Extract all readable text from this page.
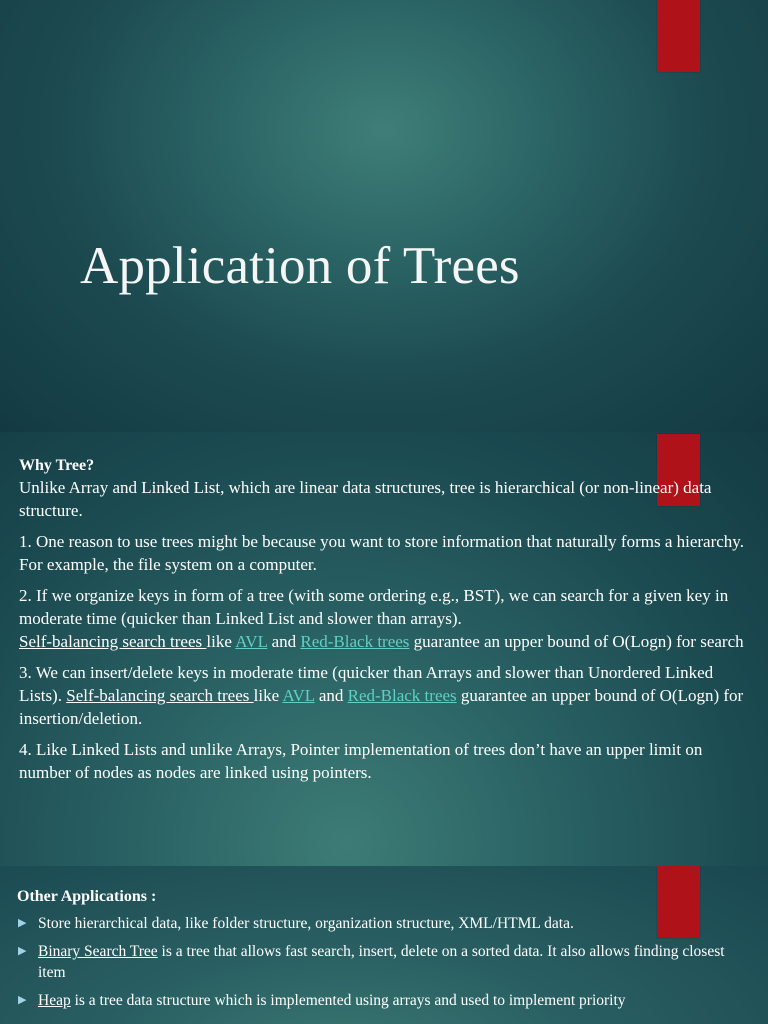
Application of Trees

Why Tree?

Unlike Array and Linked List, which are linear data structures, tree is hierarchical (or non-linear) data structure.

1. One reason to use trees might be because you want to store information that naturally forms a hierarchy. For example, the file system on a computer.

2. If we organize keys in form of a tree (with some ordering e.g., BST), we can search for a given key in moderate time (quicker than Linked List and slower than arrays).
Self-balancing search trees like AVL and Red-Black trees guarantee an upper bound of O(Logn) for search

3. We can insert/delete keys in moderate time (quicker than Arrays and slower than Unordered Linked Lists). Self-balancing search trees like AVL and Red-Black trees guarantee an upper bound of O(Logn) for insertion/deletion.

4. Like Linked Lists and unlike Arrays, Pointer implementation of trees don’t have an upper limit on number of nodes as nodes are linked using pointers.

Other Applications :

▶ Store hierarchical data, like folder structure, organization structure, XML/HTML data.
▶ Binary Search Tree is a tree that allows fast search, insert, delete on a sorted data. It also allows finding closest item
▶ Heap is a tree data structure which is implemented using arrays and used to implement priority
